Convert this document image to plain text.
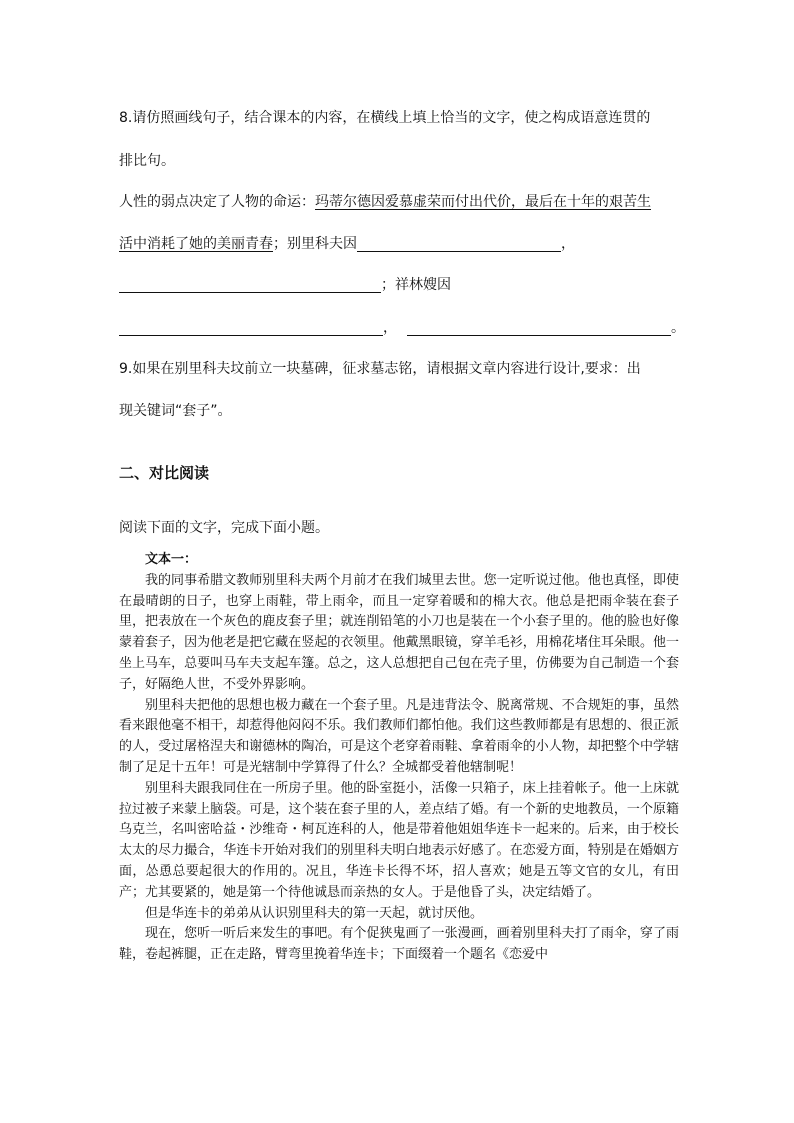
8.请仿照画线句子，结合课本的内容，在横线上填上恰当的文字，使之构成语意连贯的
排比句。
人性的弱点决定了人物的命运：玛蒂尔德因爱慕虚荣而付出代价，最后在十年的艰苦生
活中消耗了她的美丽青春；别里科夫因	，
；祥林嫂因
，	。
9.如果在别里科夫坟前立一块墓碑，征求墓志铭，请根据文章内容进行设计,要求：出
现关键词“套子”。
二、对比阅读
阅读下面的文字，完成下面小题。
文本一：

我的同事希腊文教师别里科夫两个月前才在我们城里去世。您一定听说过他。他也真怪，即使在最晴朗的日子，也穿上雨鞋，带上雨伞，而且一定穿着暖和的棉大衣。他总是把雨伞装在套子里，把表放在一个灰色的鹿皮套子里；就连削铅笔的小刀也是装在一个小套子里的。他的脸也好像蒙着套子，因为他老是把它藏在竖起的衣领里。他戴黑眼镜，穿羊毛衫，用棉花堵住耳朵眼。他一坐上马车，总要叫马车夫支起车篷。总之，这人总想把自己包在壳子里，仿佛要为自己制造一个套子，好隔绝人世，不受外界影响。

别里科夫把他的思想也极力藏在一个套子里。凡是违背法令、脱离常规、不合规矩的事，虽然看来跟他毫不相干，却惹得他闷闷不乐。我们教师们都怕他。我们这些教师都是有思想的、很正派的人，受过屠格涅夫和谢德林的陶冶，可是这个老穿着雨鞋、拿着雨伞的小人物，却把整个中学辖制了足足十五年！可是光辖制中学算得了什么？全城都受着他辖制呢！

别里科夫跟我同住在一所房子里。他的卧室挺小，活像一只箱子，床上挂着帐子。他一上床就拉过被子来蒙上脑袋。可是，这个装在套子里的人，差点结了婚。有一个新的史地教员，一个原籍乌克兰，名叫密哈益・沙维奇・柯瓦连科的人，他是带着他姐姐华连卡一起来的。后来，由于校长太太的尽力撮合，华连卡开始对我们的别里科夫明白地表示好感了。在恋爱方面，特别是在婚姻方面，怂恿总要起很大的作用的。况且，华连卡长得不坏，招人喜欢；她是五等文官的女儿，有田产；尤其要紧的，她是第一个待他诚恳而亲热的女人。于是他昏了头，决定结婚了。

但是华连卡的弟弟从认识别里科夫的第一天起，就讨厌他。

现在，您听一听后来发生的事吧。有个促狭鬼画了一张漫画，画着别里科夫打了雨伞，穿了雨鞋，卷起裤腿，正在走路，臂弯里挽着华连卡；下面缀着一个题名《恋爱中
